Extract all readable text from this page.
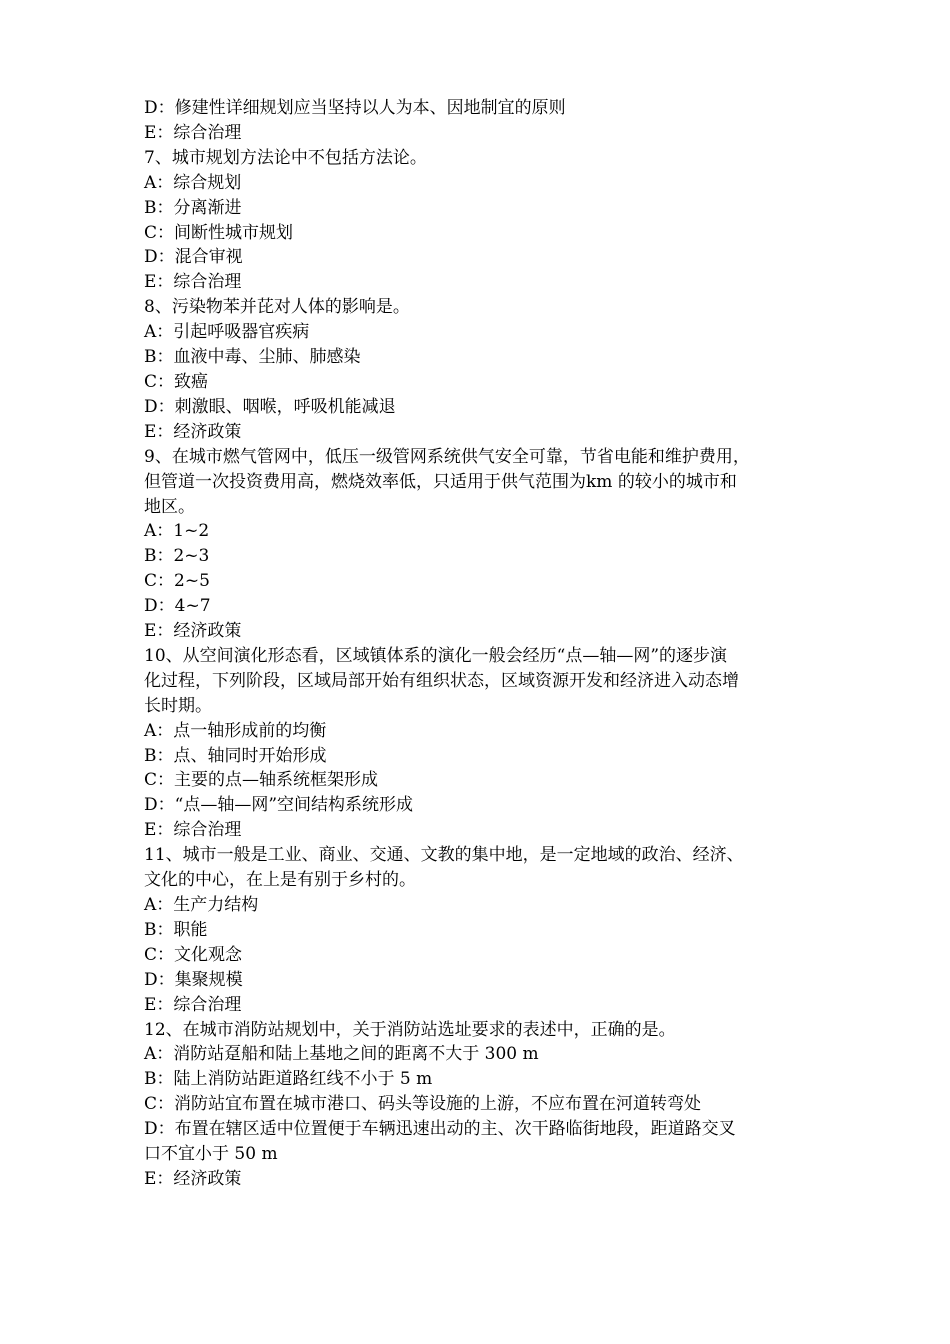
D：修建性详细规划应当坚持以人为本、因地制宜的原则
E：综合治理
7、城市规划方法论中不包括方法论。
A：综合规划
B：分离渐进
C：间断性城市规划
D：混合审视
E：综合治理
8、污染物苯并芘对人体的影响是。
A：引起呼吸器官疾病
B：血液中毒、尘肺、肺感染
C：致癌
D：刺激眼、咽喉，呼吸机能减退
E：经济政策
9、在城市燃气管网中，低压一级管网系统供气安全可靠，节省电能和维护费用，
但管道一次投资费用高，燃烧效率低，只适用于供气范围为km 的较小的城市和
地区。
A：1~2
B：2~3
C：2~5
D：4~7
E：经济政策
10、从空间演化形态看，区域镇体系的演化一般会经历“点—轴—网”的逐步演
化过程，下列阶段，区域局部开始有组织状态，区域资源开发和经济进入动态增
长时期。
A：点一轴形成前的均衡
B：点、轴同时开始形成
C：主要的点—轴系统框架形成
D：“点—轴—网”空间结构系统形成
E：综合治理
11、城市一般是工业、商业、交通、文教的集中地，是一定地域的政治、经济、
文化的中心，在上是有别于乡村的。
A：生产力结构
B：职能
C：文化观念
D：集聚规模
E：综合治理
12、在城市消防站规划中，关于消防站选址要求的表述中，正确的是。
A：消防站趸船和陆上基地之间的距离不大于 300 m
B：陆上消防站距道路红线不小于 5 m
C：消防站宜布置在城市港口、码头等设施的上游，不应布置在河道转弯处
D：布置在辖区适中位置便于车辆迅速出动的主、次干路临街地段，距道路交叉
口不宜小于 50 m
E：经济政策
